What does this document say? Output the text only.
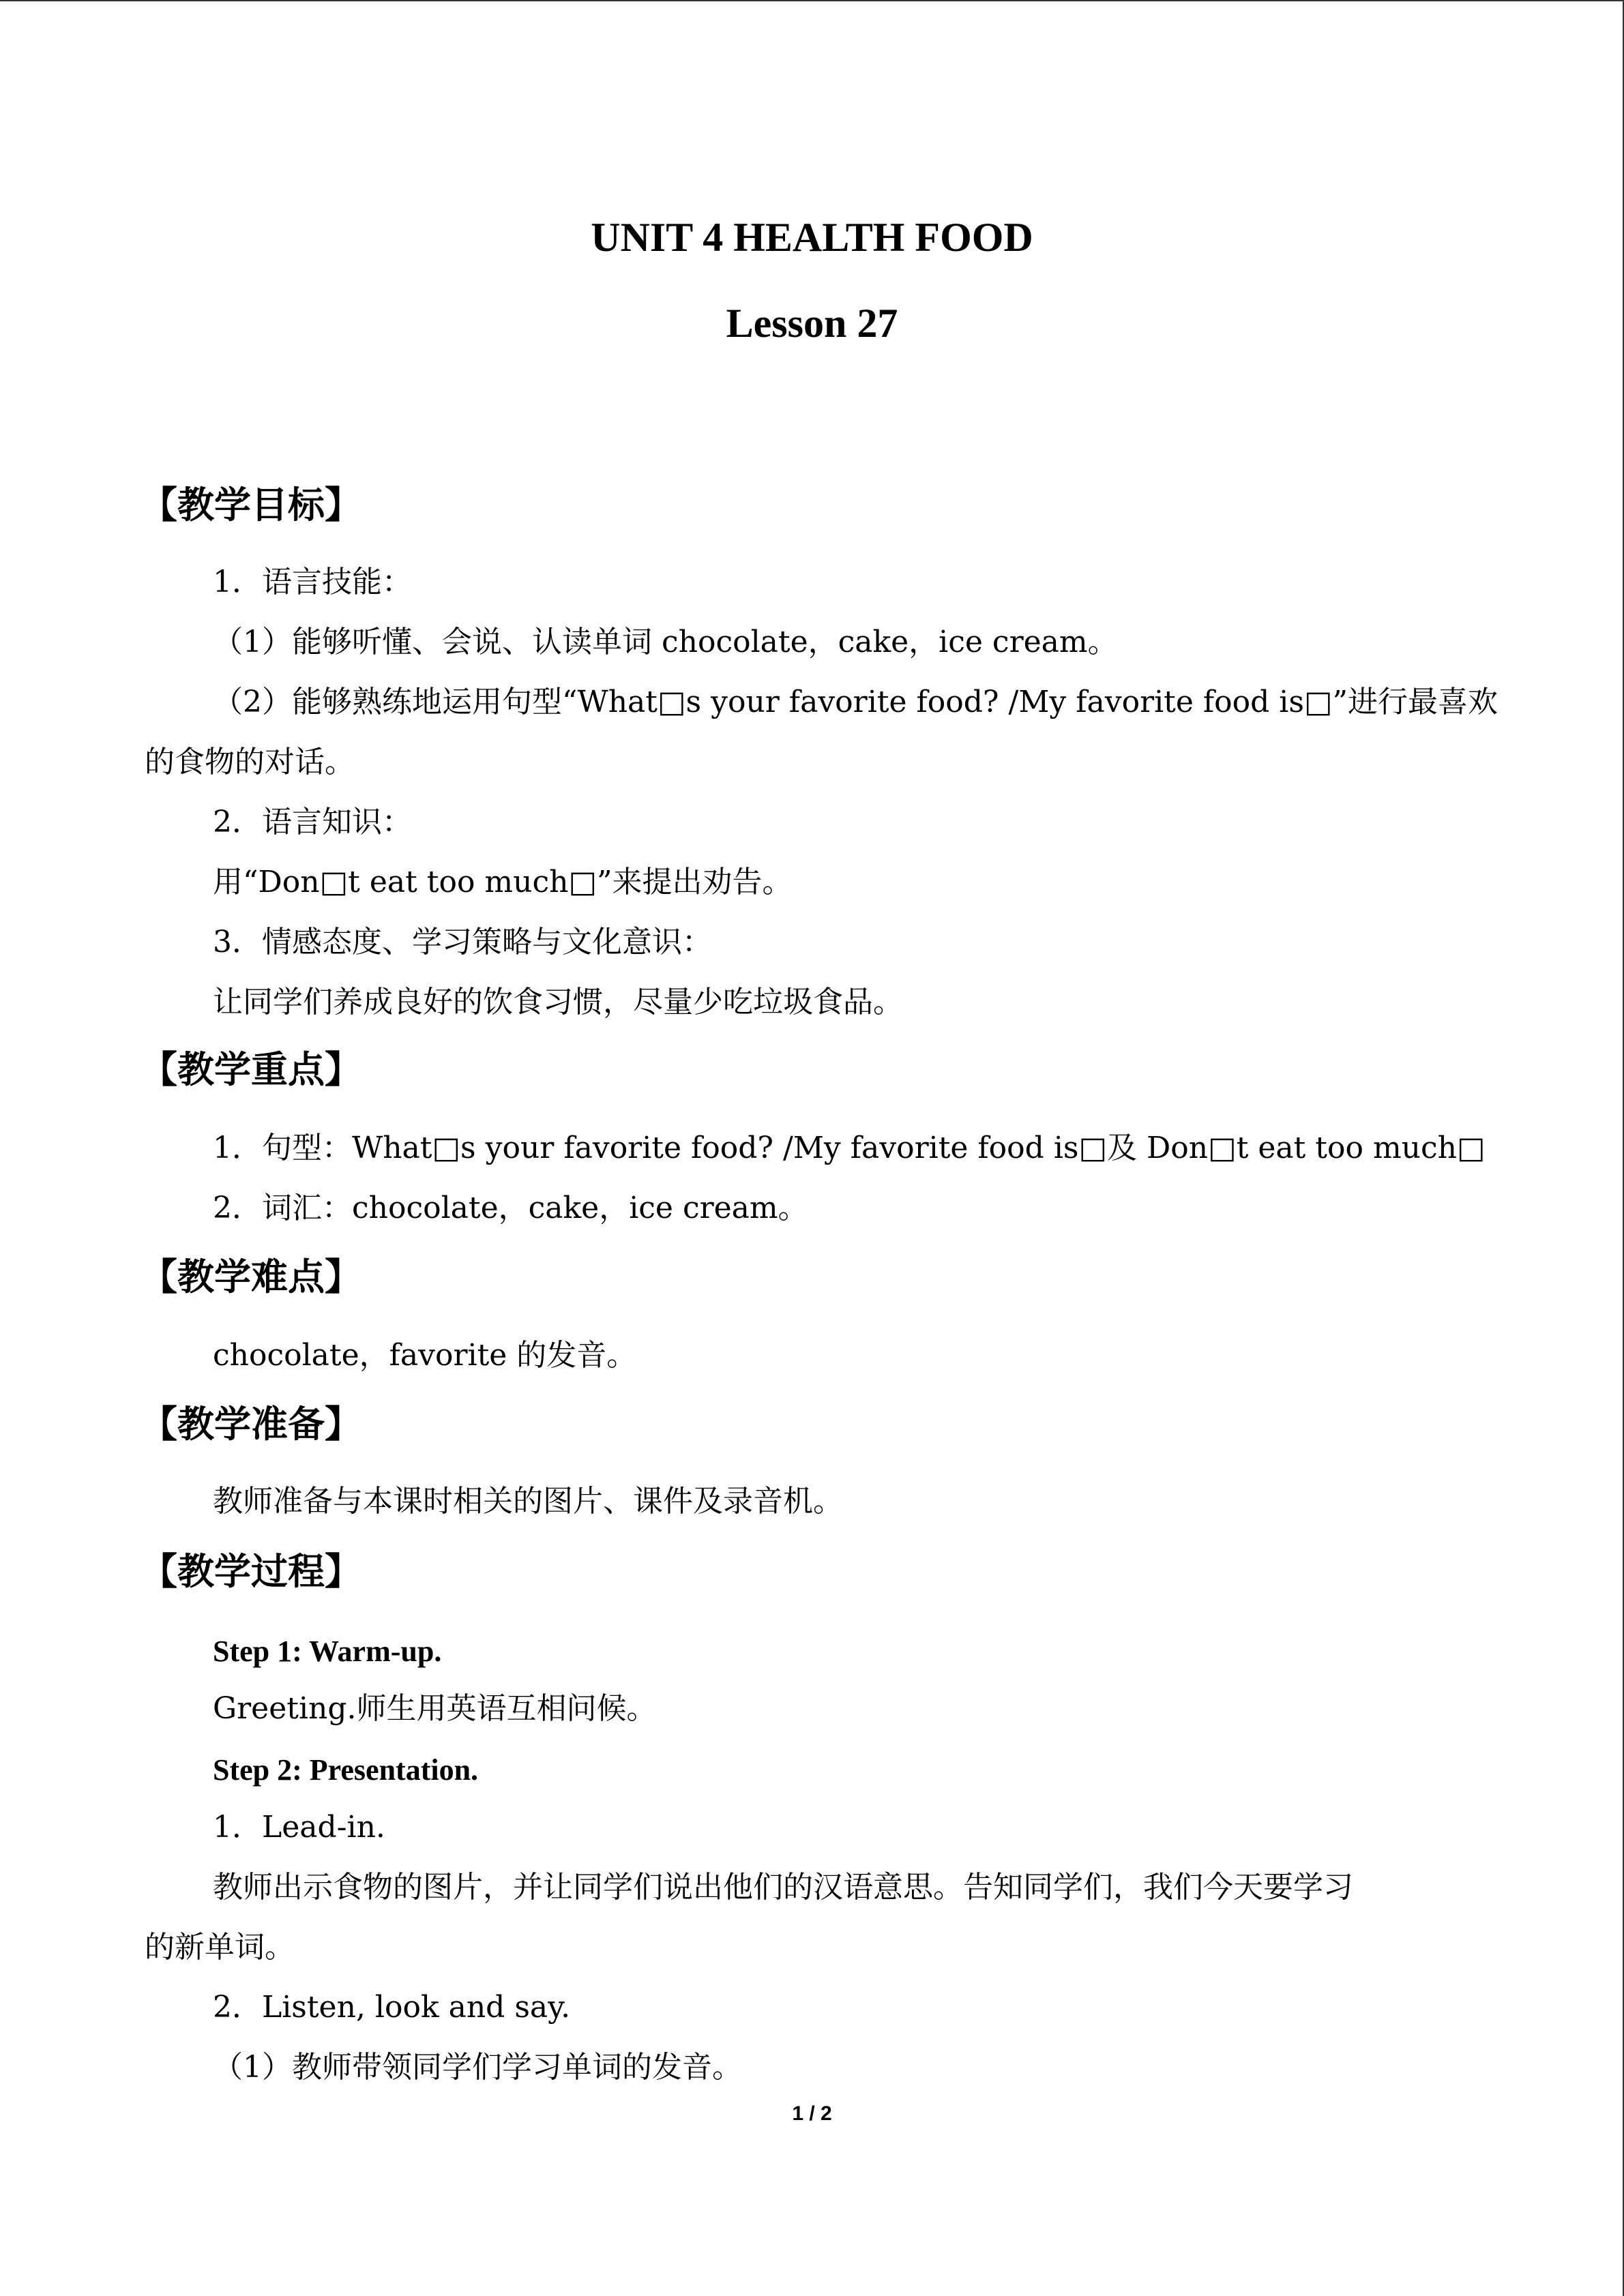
UNIT 4 HEALTH FOOD
Lesson 27
【教学目标】
1．语言技能：
（1）能够听懂、会说、认读单词 chocolate，cake，ice cream。
（2）能够熟练地运用句型“What□s your favorite food? /My favorite food is□”进行最喜欢
的食物的对话。
2．语言知识：
用“Don□t eat too much□”来提出劝告。
3．情感态度、学习策略与文化意识：
让同学们养成良好的饮食习惯，尽量少吃垃圾食品。
【教学重点】
1．句型：What□s your favorite food? /My favorite food is□及 Don□t eat too much□
2．词汇：chocolate，cake，ice cream。
【教学难点】
chocolate，favorite 的发音。
【教学准备】
教师准备与本课时相关的图片、课件及录音机。
【教学过程】
Step 1: Warm-up.
Greeting.师生用英语互相问候。
Step 2: Presentation.
1．Lead-in.
教师出示食物的图片，并让同学们说出他们的汉语意思。告知同学们，我们今天要学习
的新单词。
2．Listen, look and say.
（1）教师带领同学们学习单词的发音。
1 / 2
